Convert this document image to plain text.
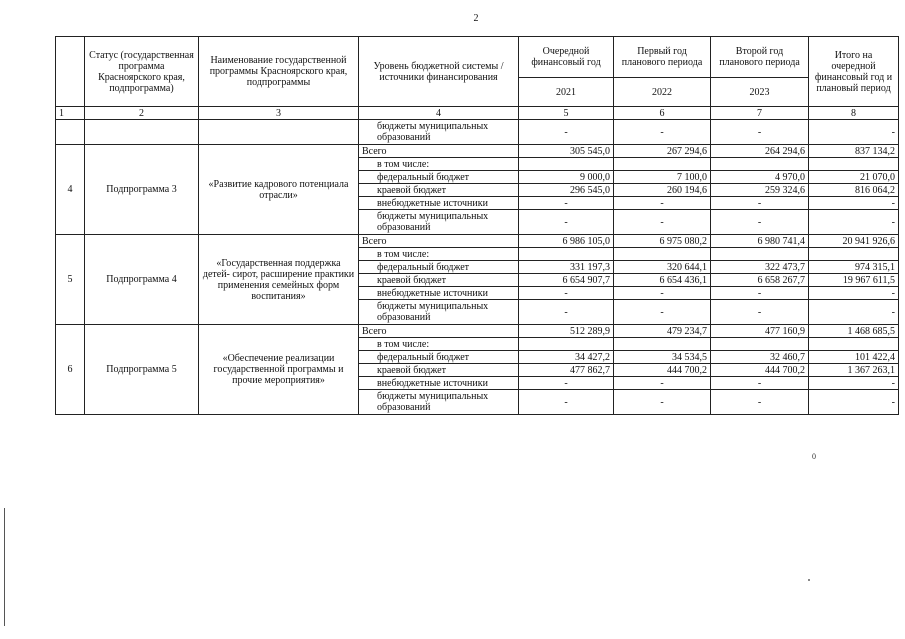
2
	Статус (государственная программа Красноярского края, подпрограмма)	Наименование государственной программы Красноярского края, подпрограммы	Уровень бюджетной системы / источники финансирования	Очередной финансовый год	Первый год планового периода	Второй год планового периода	Итого на очередной финансовый год и плановый период
				2021	2022	2023	
1	2	3	4	5	6	7	8
			бюджеты муниципальных образований	-	-	-	-
4	Подпрограмма 3	«Развитие кадрового потенциала отрасли»	Всего	305 545,0	267 294,6	264 294,6	837 134,2
			в том числе:				
			федеральный бюджет	9 000,0	7 100,0	4 970,0	21 070,0
			краевой бюджет	296 545,0	260 194,6	259 324,6	816 064,2
			внебюджетные источники	-	-	-	-
			бюджеты муниципальных образований	-	-	-	-
5	Подпрограмма 4	«Государственная поддержка детей- сирот, расширение практики применения семейных форм воспитания»	Всего	6 986 105,0	6 975 080,2	6 980 741,4	20 941 926,6
			в том числе:				
			федеральный бюджет	331 197,3	320 644,1	322 473,7	974 315,1
			краевой бюджет	6 654 907,7	6 654 436,1	6 658 267,7	19 967 611,5
			внебюджетные источники	-	-	-	-
			бюджеты муниципальных образований	-	-	-	-
6	Подпрограмма 5	«Обеспечение реализации государственной программы и прочие мероприятия»	Всего	512 289,9	479 234,7	477 160,9	1 468 685,5
			в том числе:				
			федеральный бюджет	34 427,2	34 534,5	32 460,7	101 422,4
			краевой бюджет	477 862,7	444 700,2	444 700,2	1 367 263,1
			внебюджетные источники	-	-	-	-
			бюджеты муниципальных образований	-	-	-	-
0
